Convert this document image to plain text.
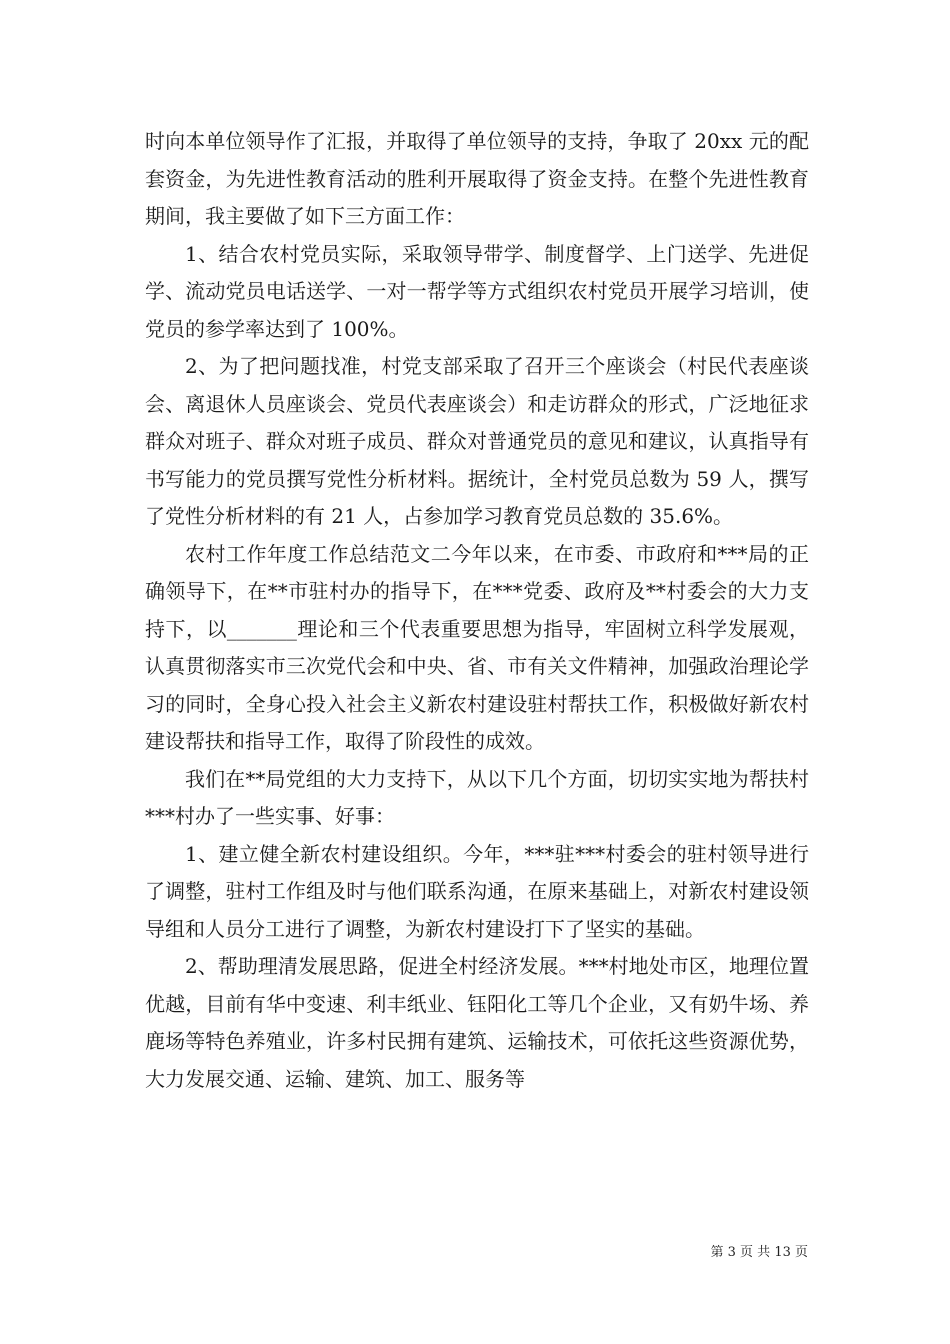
时向本单位领导作了汇报，并取得了单位领导的支持，争取了 20xx 元的配套资金，为先进性教育活动的胜利开展取得了资金支持。在整个先进性教育期间，我主要做了如下三方面工作：

1、结合农村党员实际，采取领导带学、制度督学、上门送学、先进促学、流动党员电话送学、一对一帮学等方式组织农村党员开展学习培训，使党员的参学率达到了 100%。

2、为了把问题找准，村党支部采取了召开三个座谈会（村民代表座谈会、离退休人员座谈会、党员代表座谈会）和走访群众的形式，广泛地征求群众对班子、群众对班子成员、群众对普通党员的意见和建议，认真指导有书写能力的党员撰写党性分析材料。据统计，全村党员总数为 59 人，撰写了党性分析材料的有 21 人，占参加学习教育党员总数的 35.6%。

农村工作年度工作总结范文二今年以来，在市委、市政府和***局的正确领导下，在**市驻村办的指导下，在***党委、政府及**村委会的大力支持下，以_______理论和三个代表重要思想为指导，牢固树立科学发展观，认真贯彻落实市三次党代会和中央、省、市有关文件精神，加强政治理论学习的同时，全身心投入社会主义新农村建设驻村帮扶工作，积极做好新农村建设帮扶和指导工作，取得了阶段性的成效。

我们在**局党组的大力支持下，从以下几个方面，切切实实地为帮扶村***村办了一些实事、好事：

1、建立健全新农村建设组织。今年，***驻***村委会的驻村领导进行了调整，驻村工作组及时与他们联系沟通，在原来基础上，对新农村建设领导组和人员分工进行了调整，为新农村建设打下了坚实的基础。

2、帮助理清发展思路，促进全村经济发展。***村地处市区，地理位置优越，目前有华中变速、利丰纸业、钰阳化工等几个企业，又有奶牛场、养鹿场等特色养殖业，许多村民拥有建筑、运输技术，可依托这些资源优势，大力发展交通、运输、建筑、加工、服务等

第 3 页 共 13 页
